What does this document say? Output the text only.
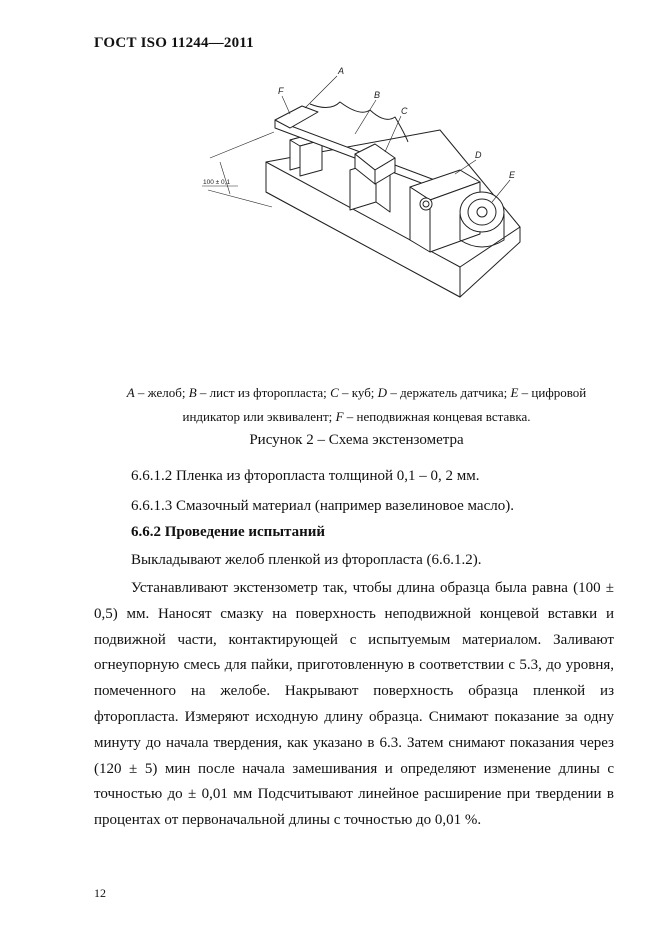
ГОСТ ISO 11244—2011
A
B
C
D
E
F
100 ± 0,1
A – желоб; B – лист из фторопласта; C – куб; D – держатель датчика; E – цифровой
индикатор или эквивалент; F – неподвижная концевая вставка.
Рисунок 2 – Схема экстензометра
6.6.1.2 Пленка из фторопласта толщиной 0,1 – 0, 2 мм.
6.6.1.3 Смазочный материал (например вазелиновое масло).
6.6.2 Проведение испытаний
Выкладывают желоб пленкой из фторопласта (6.6.1.2).
Устанавливают экстензометр так, чтобы длина образца была равна (100 ± 0,5) мм. Наносят смазку на поверхность неподвижной концевой вставки и подвижной части, контактирующей с испытуемым материалом. Заливают огнеупорную смесь для пайки, приготовленную в соответствии с 5.3, до уровня, помеченного на желобе. Накрывают поверхность образца пленкой из фторопласта. Измеряют исходную длину образца. Снимают показание за одну минуту до начала твердения, как указано в 6.3. Затем снимают показания через (120 ± 5) мин после начала замешивания и определяют изменение длины с точностью до ± 0,01 мм Подсчитывают линейное расширение при твердении в процентах от первоначальной длины с точностью до 0,01 %.
12
